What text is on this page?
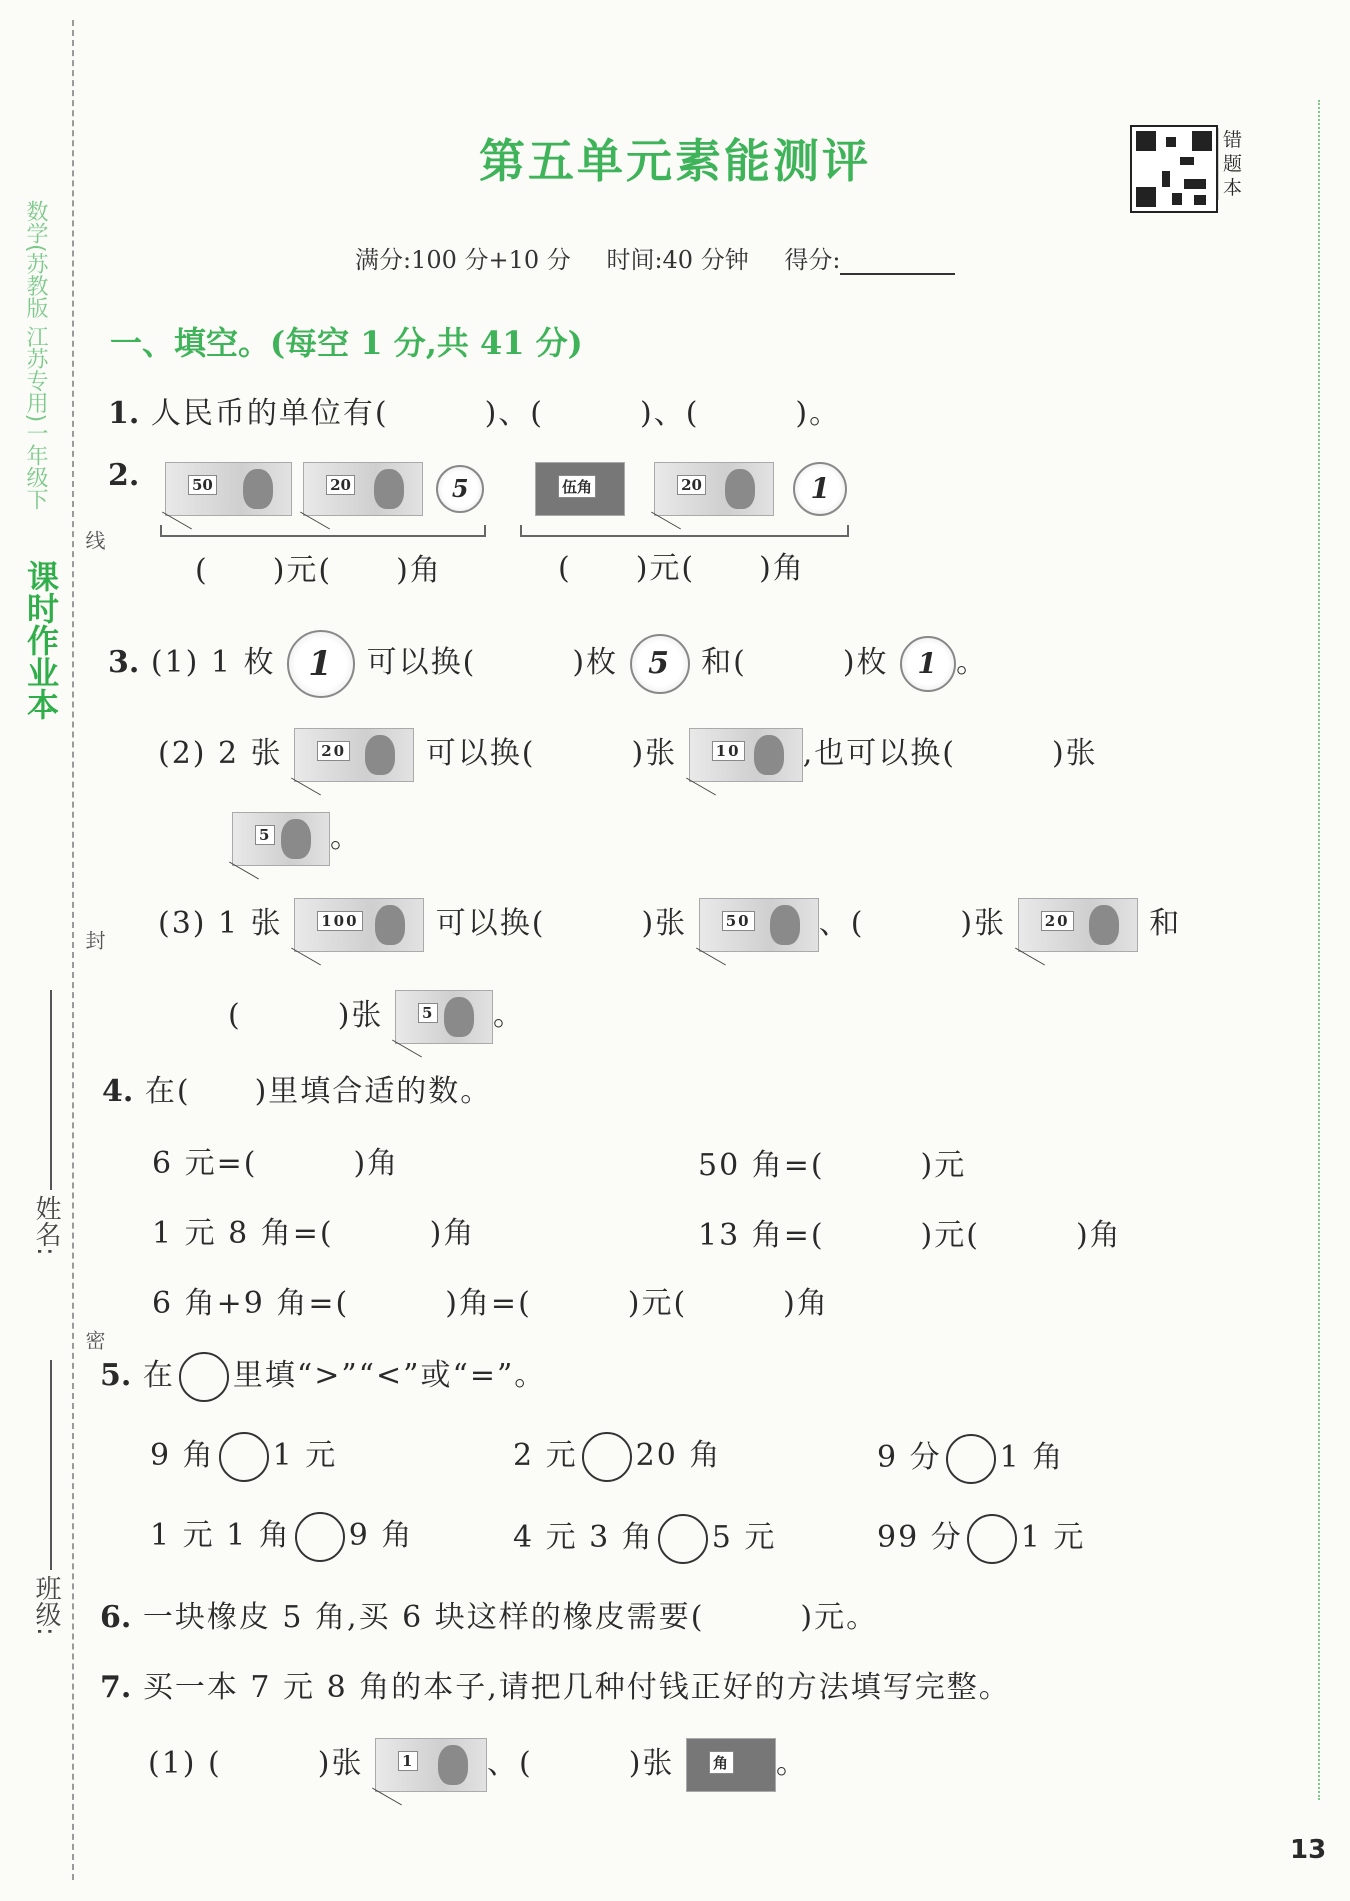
数学(苏教版 江苏专用)一年级下
课时作业本
线
封
密
姓名:
班级:
第五单元素能测评	错题本
满分:100 分+10 分 时间:40 分钟 得分:
一、填空。(每空 1 分,共 41 分)
1. 人民币的单位有(　　　)、(　　　)、(　　　)。
2.	50
	20	5
(　　)元(　　)角
伍角
	20	1
(　　)元(　　)角
3. (1) 1 枚 1 可以换(　　　)枚 5 和(　　　)枚 1 。
(2) 2 张	20	可以换(　　　)张	10 ,也可以换(　　　)张
5 。
(3) 1 张	100	可以换(　　　)张	50 、(　　　)张	20	和
(　　　)张	5 。
4. 在(　　)里填合适的数。
6 元=(　　　)角	50 角=(　　　)元
1 元 8 角=(　　　)角	13 角=(　　　)元(　　　)角
6 角+9 角=(　　　)角=(　　　)元(　　　)角
5. 在 里填“>”“<”或“=”。
9 角 1 元	2 元 20 角	9 分 1 角
1 元 1 角 9 角	4 元 3 角 5 元	99 分 1 元
6. 一块橡皮 5 角,买 6 块这样的橡皮需要(　　　)元。
7. 买一本 7 元 8 角的本子,请把几种付钱正好的方法填写完整。
(1) (　　　)张	1 、(　　　)张	角 。
13
